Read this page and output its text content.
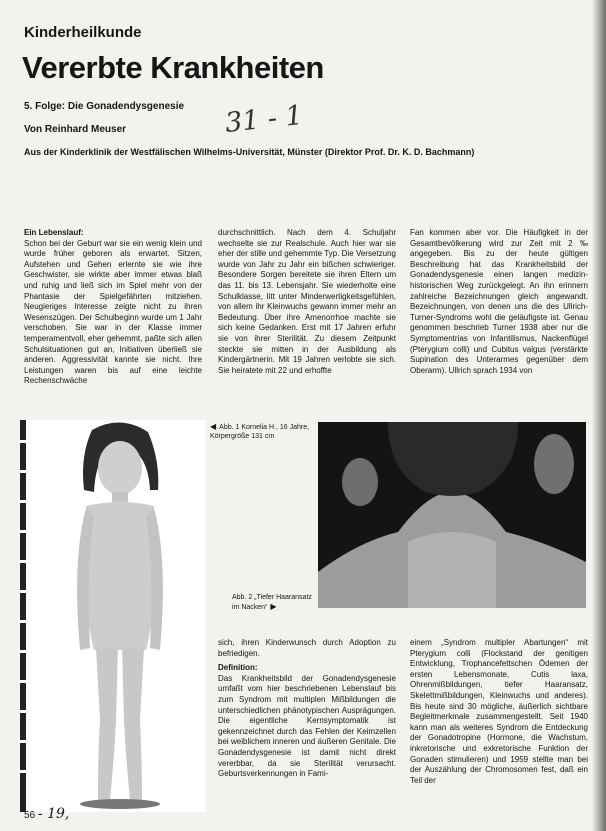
Kinderheilkunde
Vererbte Krankheiten
5. Folge: Die Gonadendysgenesie
Von Reinhard Meuser	31 - 1
Aus der Kinderklinik der Westfälischen Wilhelms-Universität, Münster (Direktor Prof. Dr. K. D. Bachmann)
Ein Lebenslauf:

Schon bei der Geburt war sie ein wenig klein und wurde früher geboren als erwartet. Sitzen, Aufstehen und Gehen erlernte sie wie ihre Geschwister, sie wirkte aber immer etwas blaß und ruhig und ließ sich im Spiel mehr von der Phantasie der Spielgefährten mitziehen. Neugieriges Interesse zeigte nicht zu ihren Wesenszügen. Der Schulbeginn wurde um 1 Jahr verschoben. Sie war in der Klasse immer temperamentvoll, eher gehemmt, paßte sich allen Schulsituationen gut an, Initiativen überließ sie anderen. Aggressivität kannte sie nicht. Ihre Leistungen waren bis auf eine leichte Rechenschwäche

durchschnittlich. Nach dem 4. Schuljahr wechselte sie zur Realschule. Auch hier war sie eher der stille und gehemmte Typ. Die Versetzung wurde von Jahr zu Jahr ein bißchen schwieriger. Besondere Sorgen bereitete sie ihren Eltern um das 11. bis 13. Lebensjahr. Sie wiederholte eine Schulklasse, litt unter Minderwertigkeitsgefühlen, von allem ihr Kleinwuchs gewann immer mehr an Bedeutung. Über ihre Amenorrhoe machte sie sich keine Gedanken. Erst mit 17 Jahren erfuhr sie von ihrer Sterilität. Zu diesem Zeitpunkt steckte sie mitten in der Ausbildung als Kindergärtnerin. Mit 19 Jahren verlobte sie sich. Sie heiratete mit 22 und erhoffte

Fan kommen aber vor. Die Häufigkeit in der Gesamtbevölkerung wird zur Zeit mit 2 ‰ angegeben. Bis zu der heute gültigen Beschreibung hat das Krankheitsbild der Gonadendysgenesie einen langen medizin-historischen Weg zurückgelegt. An ihn erinnern zahlreiche Bezeichnungen gleich angewandt. Bezeichnungen, von denen uns die des Ullrich-Turner-Syndroms wohl die geläufigste ist. Genau genommen beschrieb Turner 1938 aber nur die Symptomentrias von Infantilismus, Nackenflügel (Pterygium colli) und Cubitus valgus (verstärkte Supination des Unterarmes gegenüber dem Oberarm). Ullrich sprach 1934 von

◀ Abb. 1 Kornelia H., 16 Jahre, Körpergröße 131 cm
Abb. 2 „Tiefer Haaransatz im Nacken“ ▶

sich, ihren Kinderwunsch durch Adoption zu befriedigen.

Definition:

Das Krankheitsbild der Gonadendysgenesie umfaßt vom hier beschriebenen Lebenslauf bis zum Syndrom mit multiplen Mißbildungen die unterschiedlichen phänotypischen Ausprägungen. Die eigentliche Kernsymptomatik ist gekennzeichnet durch das Fehlen der Keimzellen bei weiblichem inneren und äußeren Genitale. Die Gonadendysgenesie ist damit nicht direkt vererbbar, da sie Sterilität verursacht. Geburtsverkennungen in Fami-

einem „Syndrom multipler Abartungen“ mit Pterygium colli (Flockstand der genitigen Entwicklung, Trophancefettschen Ödemen der ersten Lebensmonate, Cutis laxa, Ohrenmißbildungen, tiefer Haaransatz, Skelettmißbildungen, Kleinwuchs und anderes). Bis heute sind 30 mögliche, äußerlich sichtbare Begleitmerkmale zusammengestellt. Seit 1940 kann man als weiteres Syndrom die Entdeckung der Gonadotropine (Hormone, die Wachstum, inkretorische und exkretorische Funktion der Gonaden stimulieren) und 1959 stellte man bei der Auszählung der Chromosomen fest, daß ein Teil der

56 - 19,
